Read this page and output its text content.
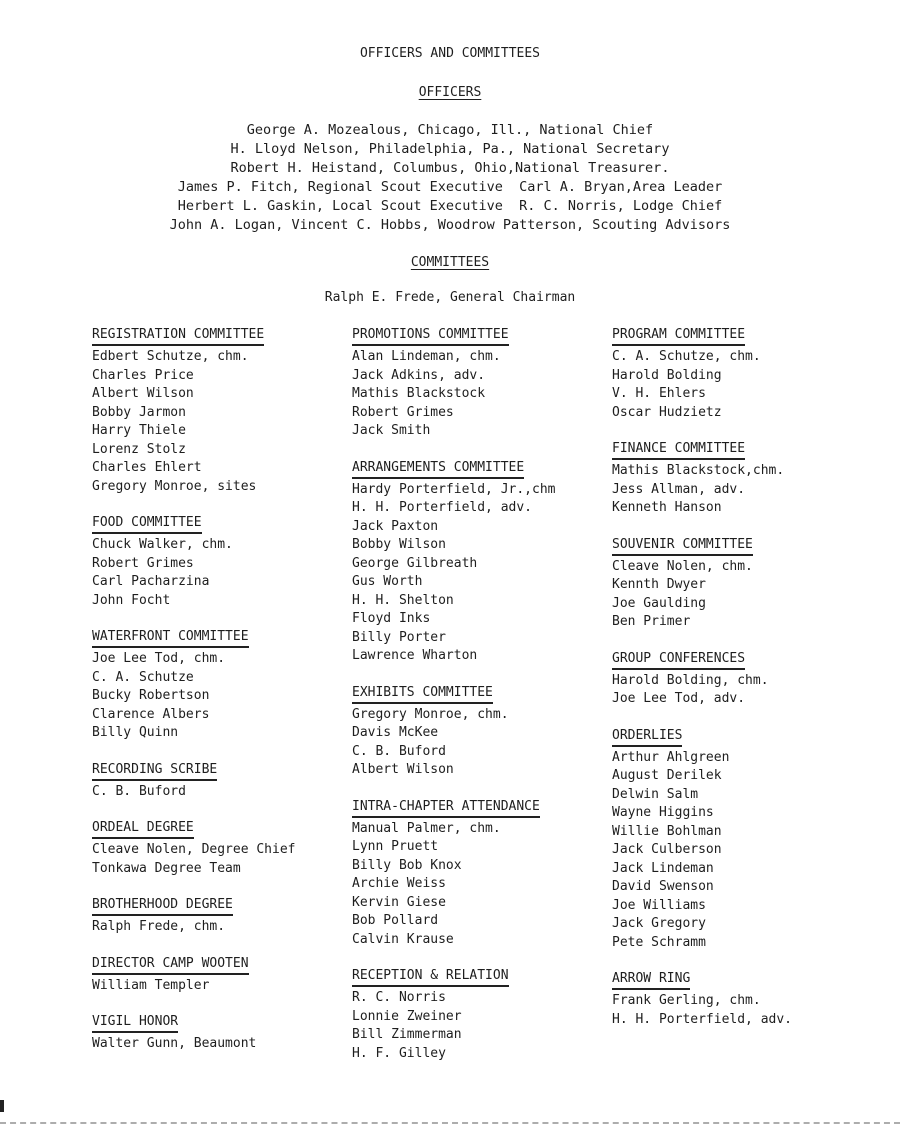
OFFICERS AND COMMITTEES
OFFICERS
George A. Mozealous, Chicago, Ill., National Chief
H. Lloyd Nelson, Philadelphia, Pa., National Secretary
Robert H. Heistand, Columbus, Ohio,National Treasurer.
James P. Fitch, Regional Scout Executive  Carl A. Bryan,Area Leader
Herbert L. Gaskin, Local Scout Executive  R. C. Norris, Lodge Chief
John A. Logan, Vincent C. Hobbs, Woodrow Patterson, Scouting Advisors
COMMITTEES
Ralph E. Frede, General Chairman
REGISTRATION COMMITTEE
Edbert Schutze, chm.
Charles Price
Albert Wilson
Bobby Jarmon
Harry Thiele
Lorenz Stolz
Charles Ehlert
Gregory Monroe, sites
FOOD COMMITTEE
Chuck Walker, chm.
Robert Grimes
Carl Pacharzina
John Focht
WATERFRONT COMMITTEE
Joe Lee Tod, chm.
C. A. Schutze
Bucky Robertson
Clarence Albers
Billy Quinn
RECORDING SCRIBE
C. B. Buford
ORDEAL DEGREE
Cleave Nolen, Degree Chief
Tonkawa Degree Team
BROTHERHOOD DEGREE
Ralph Frede, chm.
DIRECTOR CAMP WOOTEN
William Templer
VIGIL HONOR
Walter Gunn, Beaumont
PROMOTIONS COMMITTEE
Alan Lindeman, chm.
Jack Adkins, adv.
Mathis Blackstock
Robert Grimes
Jack Smith
ARRANGEMENTS COMMITTEE
Hardy Porterfield, Jr.,chm
H. H. Porterfield, adv.
Jack Paxton
Bobby Wilson
George Gilbreath
Gus Worth
H. H. Shelton
Floyd Inks
Billy Porter
Lawrence Wharton
EXHIBITS COMMITTEE
Gregory Monroe, chm.
Davis McKee
C. B. Buford
Albert Wilson
INTRA-CHAPTER ATTENDANCE
Manual Palmer, chm.
Lynn Pruett
Billy Bob Knox
Archie Weiss
Kervin Giese
Bob Pollard
Calvin Krause
RECEPTION & RELATION
R. C. Norris
Lonnie Zweiner
Bill Zimmerman
H. F. Gilley
PROGRAM COMMITTEE
C. A. Schutze, chm.
Harold Bolding
V. H. Ehlers
Oscar Hudzietz
FINANCE COMMITTEE
Mathis Blackstock,chm.
Jess Allman, adv.
Kenneth Hanson
SOUVENIR COMMITTEE
Cleave Nolen, chm.
Kennth Dwyer
Joe Gaulding
Ben Primer
GROUP CONFERENCES
Harold Bolding, chm.
Joe Lee Tod, adv.
ORDERLIES
Arthur Ahlgreen
August Derilek
Delwin Salm
Wayne Higgins
Willie Bohlman
Jack Culberson
Jack Lindeman
David Swenson
Joe Williams
Jack Gregory
Pete Schramm
ARROW RING
Frank Gerling, chm.
H. H. Porterfield, adv.
